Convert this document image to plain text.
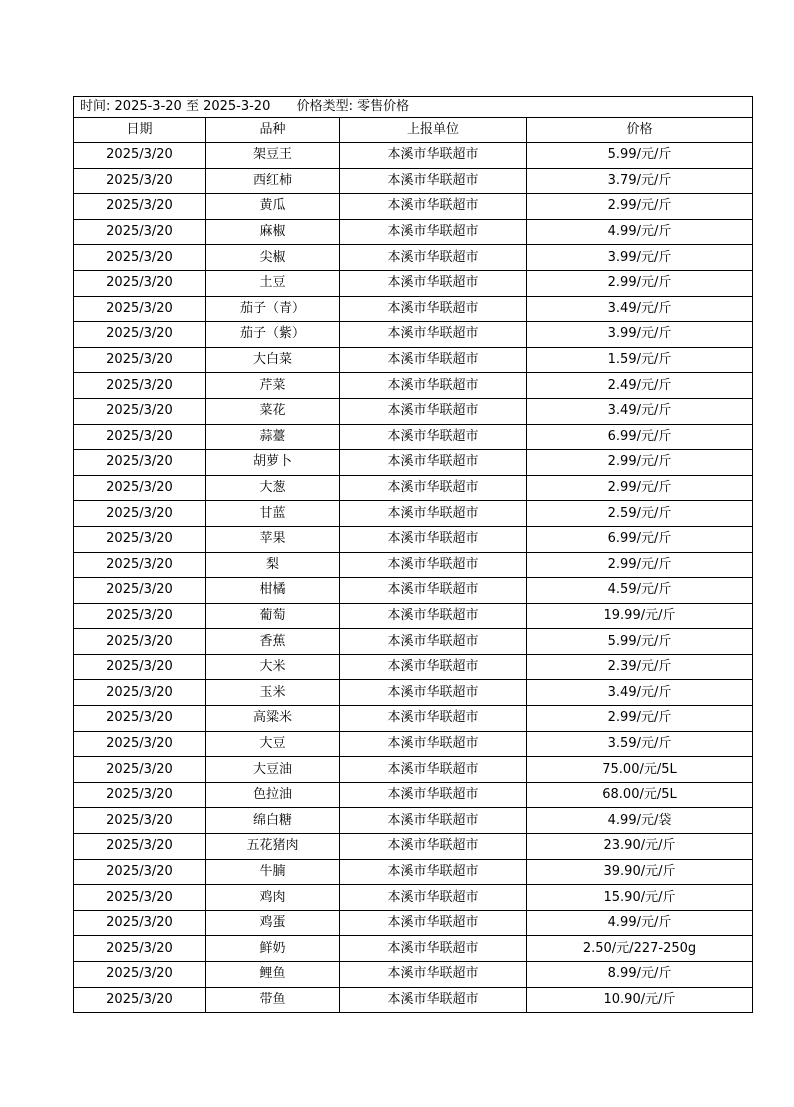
时间: 2025-3-20 至 2025-3-20 价格类型: 零售价格			
日期	品种	上报单位	价格
2025/3/20	架豆王	本溪市华联超市	5.99/元/斤
2025/3/20	西红柿	本溪市华联超市	3.79/元/斤
2025/3/20	黄瓜	本溪市华联超市	2.99/元/斤
2025/3/20	麻椒	本溪市华联超市	4.99/元/斤
2025/3/20	尖椒	本溪市华联超市	3.99/元/斤
2025/3/20	土豆	本溪市华联超市	2.99/元/斤
2025/3/20	茄子（青）	本溪市华联超市	3.49/元/斤
2025/3/20	茄子（紫）	本溪市华联超市	3.99/元/斤
2025/3/20	大白菜	本溪市华联超市	1.59/元/斤
2025/3/20	芹菜	本溪市华联超市	2.49/元/斤
2025/3/20	菜花	本溪市华联超市	3.49/元/斤
2025/3/20	蒜薹	本溪市华联超市	6.99/元/斤
2025/3/20	胡萝卜	本溪市华联超市	2.99/元/斤
2025/3/20	大葱	本溪市华联超市	2.99/元/斤
2025/3/20	甘蓝	本溪市华联超市	2.59/元/斤
2025/3/20	苹果	本溪市华联超市	6.99/元/斤
2025/3/20	梨	本溪市华联超市	2.99/元/斤
2025/3/20	柑橘	本溪市华联超市	4.59/元/斤
2025/3/20	葡萄	本溪市华联超市	19.99/元/斤
2025/3/20	香蕉	本溪市华联超市	5.99/元/斤
2025/3/20	大米	本溪市华联超市	2.39/元/斤
2025/3/20	玉米	本溪市华联超市	3.49/元/斤
2025/3/20	高粱米	本溪市华联超市	2.99/元/斤
2025/3/20	大豆	本溪市华联超市	3.59/元/斤
2025/3/20	大豆油	本溪市华联超市	75.00/元/5L
2025/3/20	色拉油	本溪市华联超市	68.00/元/5L
2025/3/20	绵白糖	本溪市华联超市	4.99/元/袋
2025/3/20	五花猪肉	本溪市华联超市	23.90/元/斤
2025/3/20	牛腩	本溪市华联超市	39.90/元/斤
2025/3/20	鸡肉	本溪市华联超市	15.90/元/斤
2025/3/20	鸡蛋	本溪市华联超市	4.99/元/斤
2025/3/20	鲜奶	本溪市华联超市	2.50/元/227-250g
2025/3/20	鲤鱼	本溪市华联超市	8.99/元/斤
2025/3/20	带鱼	本溪市华联超市	10.90/元/斤
